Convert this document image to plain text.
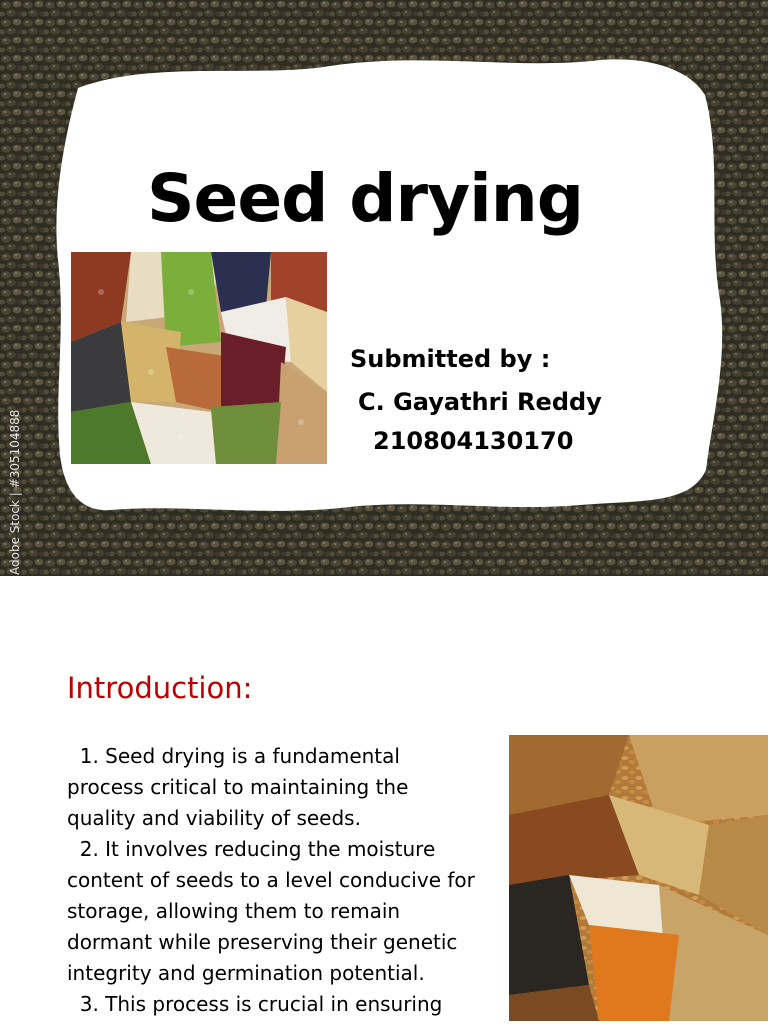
Seed drying
Submitted by :
C. Gayathri Reddy
210804130170
Adobe Stock | #305104888
Introduction:
1. Seed drying is a fundamental
process critical to maintaining the
quality and viability of seeds.
2. It involves reducing the moisture
content of seeds to a level conducive for
storage, allowing them to remain
dormant while preserving their genetic
integrity and germination potential.
3. This process is crucial in ensuring
